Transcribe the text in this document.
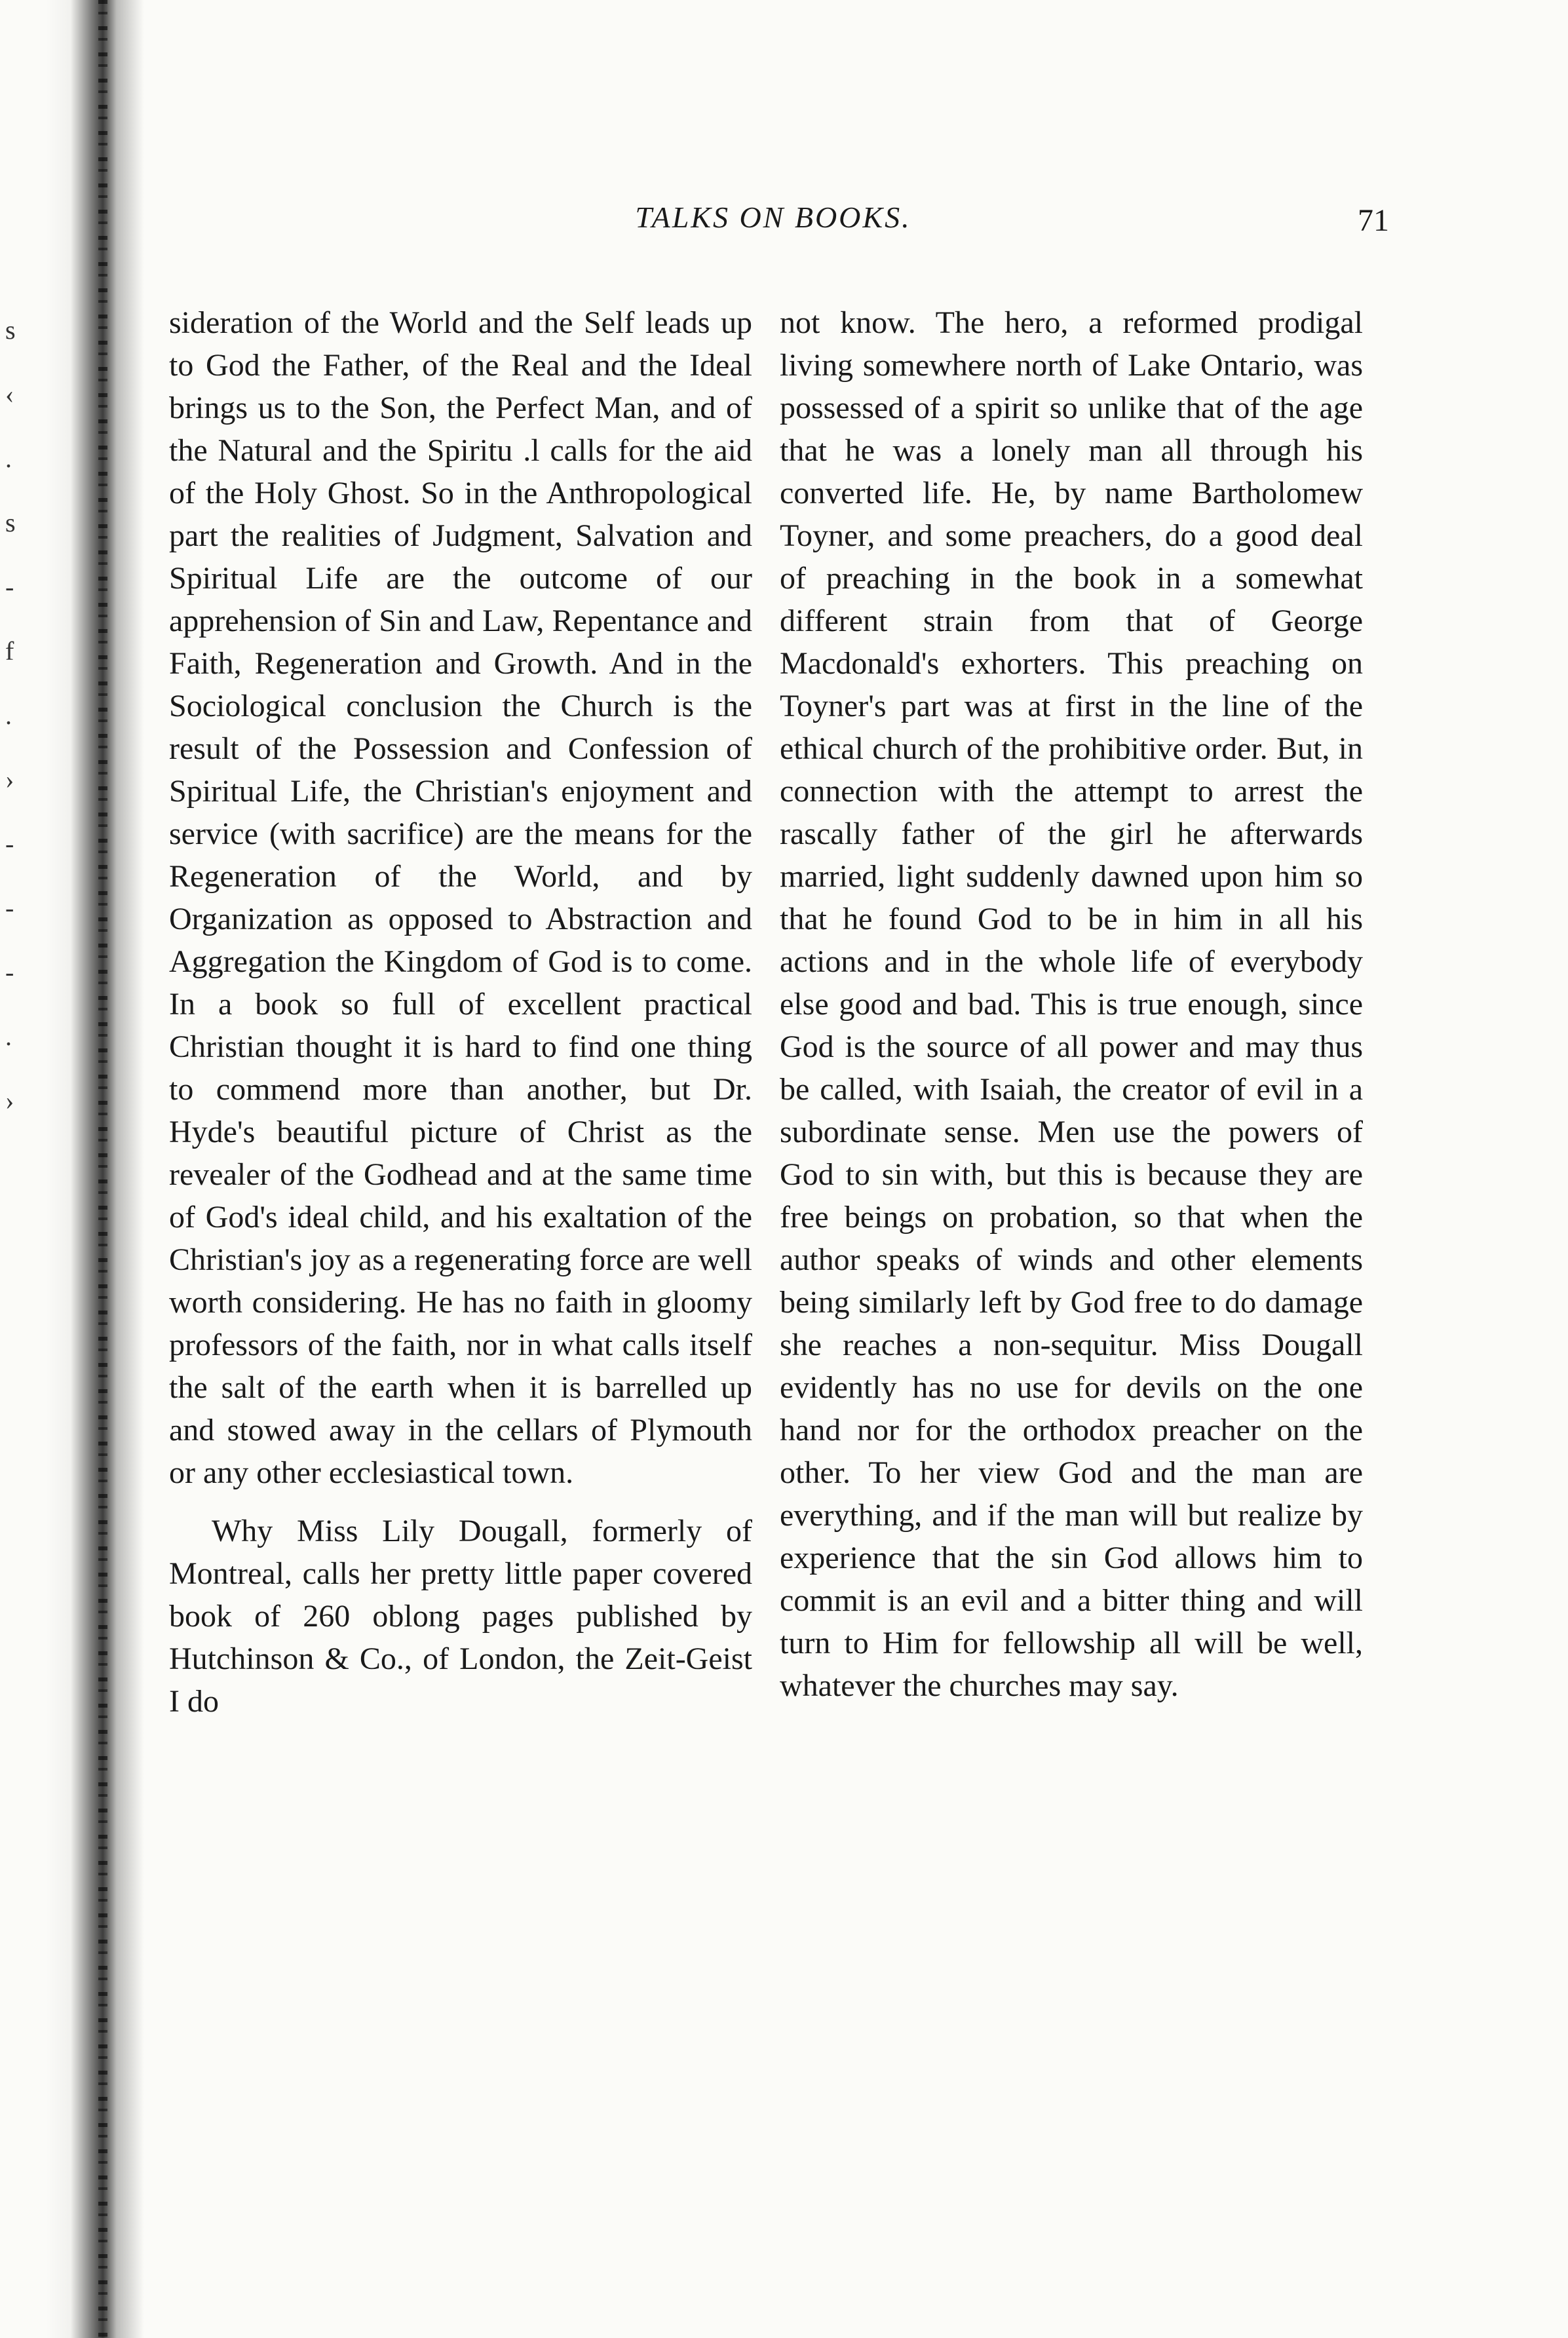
s
‹
.
s
-
f
.
›
-
-
-
.
›
TALKS ON BOOKS.	71

sideration of the World and the Self leads up to God the Father, of the Real and the Ideal brings us to the Son, the Perfect Man, and of the Natural and the Spiritu .l calls for the aid of the Holy Ghost. So in the Anthropological part the realities of Judgment, Salvation and Spiritual Life are the outcome of our apprehension of Sin and Law, Repentance and Faith, Regeneration and Growth. And in the Sociological conclusion the Church is the result of the Possession and Confession of Spiritual Life, the Christian's enjoyment and service (with sacrifice) are the means for the Regeneration of the World, and by Organization as opposed to Abstraction and Aggregation the Kingdom of God is to come. In a book so full of excellent practical Christian thought it is hard to find one thing to commend more than another, but Dr. Hyde's beautiful picture of Christ as the revealer of the Godhead and at the same time of God's ideal child, and his exaltation of the Christian's joy as a regenerating force are well worth considering. He has no faith in gloomy professors of the faith, nor in what calls itself the salt of the earth when it is barrelled up and stowed away in the cellars of Plymouth or any other ecclesiastical town.

Why Miss Lily Dougall, formerly of Montreal, calls her pretty little paper covered book of 260 oblong pages published by Hutchinson & Co., of London, the Zeit-Geist I do

not know. The hero, a reformed prodigal living somewhere north of Lake Ontario, was possessed of a spirit so unlike that of the age that he was a lonely man all through his converted life. He, by name Bartholomew Toyner, and some preachers, do a good deal of preaching in the book in a somewhat different strain from that of George Macdonald's exhorters. This preaching on Toyner's part was at first in the line of the ethical church of the prohibitive order. But, in connection with the attempt to arrest the rascally father of the girl he afterwards married, light suddenly dawned upon him so that he found God to be in him in all his actions and in the whole life of everybody else good and bad. This is true enough, since God is the source of all power and may thus be called, with Isaiah, the creator of evil in a subordinate sense. Men use the powers of God to sin with, but this is because they are free beings on probation, so that when the author speaks of winds and other elements being similarly left by God free to do damage she reaches a non-sequitur. Miss Dougall evidently has no use for devils on the one hand nor for the orthodox preacher on the other. To her view God and the man are everything, and if the man will but realize by experience that the sin God allows him to commit is an evil and a bitter thing and will turn to Him for fellowship all will be well, whatever the churches may say.
